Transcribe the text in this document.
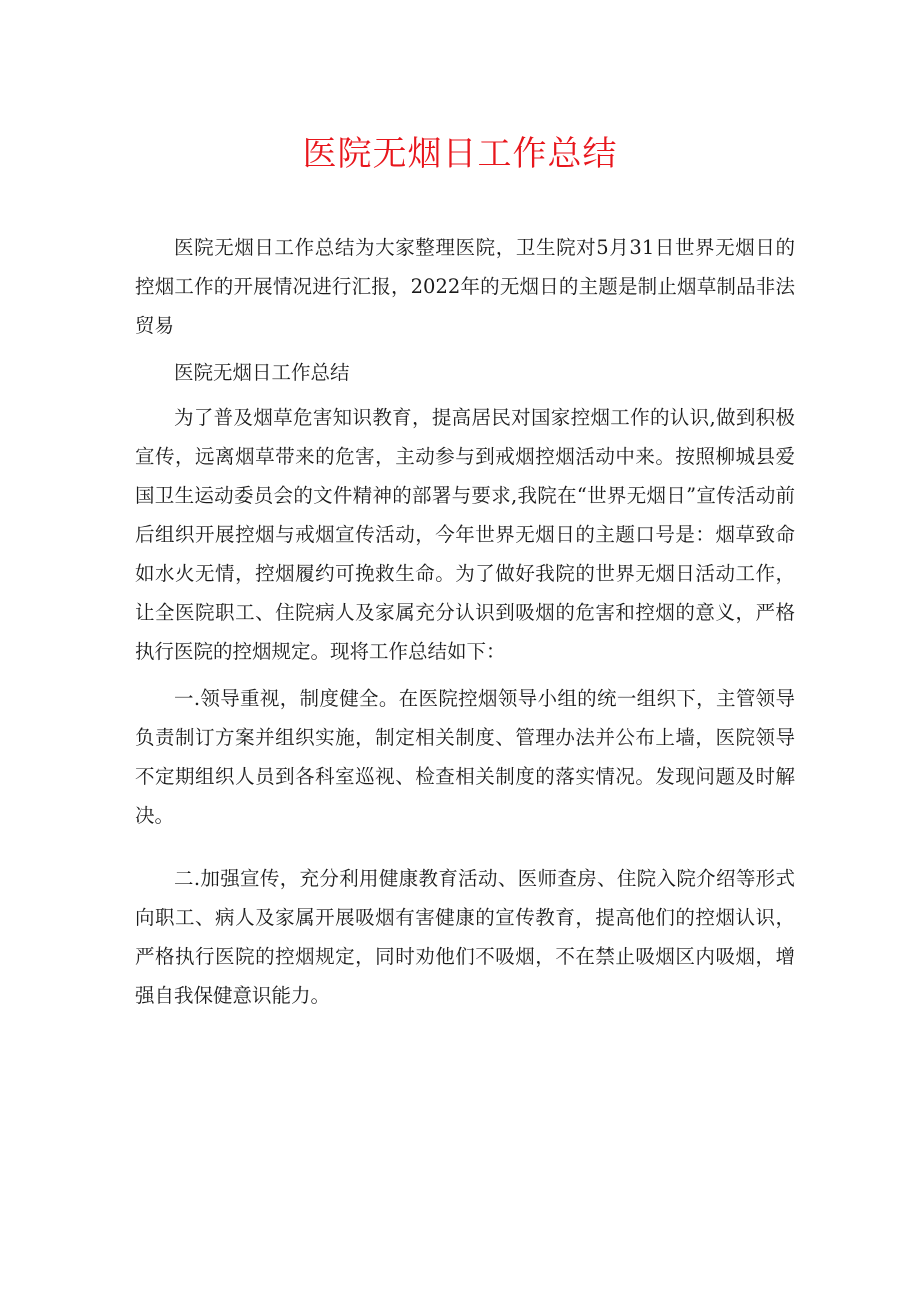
医院无烟日工作总结

医院无烟日工作总结为大家整理医院，卫生院对5月31日世界无烟日的控烟工作的开展情况进行汇报，2022年的无烟日的主题是制止烟草制品非法贸易

医院无烟日工作总结

为了普及烟草危害知识教育，提高居民对国家控烟工作的认识,做到积极宣传，远离烟草带来的危害，主动参与到戒烟控烟活动中来。按照柳城县爱国卫生运动委员会的文件精神的部署与要求,我院在“世界无烟日”宣传活动前后组织开展控烟与戒烟宣传活动，今年世界无烟日的主题口号是：烟草致命如水火无情，控烟履约可挽救生命。为了做好我院的世界无烟日活动工作，让全医院职工、住院病人及家属充分认识到吸烟的危害和控烟的意义，严格执行医院的控烟规定。现将工作总结如下：

一.领导重视，制度健全。在医院控烟领导小组的统一组织下，主管领导负责制订方案并组织实施，制定相关制度、管理办法并公布上墙，医院领导不定期组织人员到各科室巡视、检查相关制度的落实情况。发现问题及时解决。

二.加强宣传，充分利用健康教育活动、医师查房、住院入院介绍等形式向职工、病人及家属开展吸烟有害健康的宣传教育，提高他们的控烟认识，严格执行医院的控烟规定，同时劝他们不吸烟，不在禁止吸烟区内吸烟，增强自我保健意识能力。
